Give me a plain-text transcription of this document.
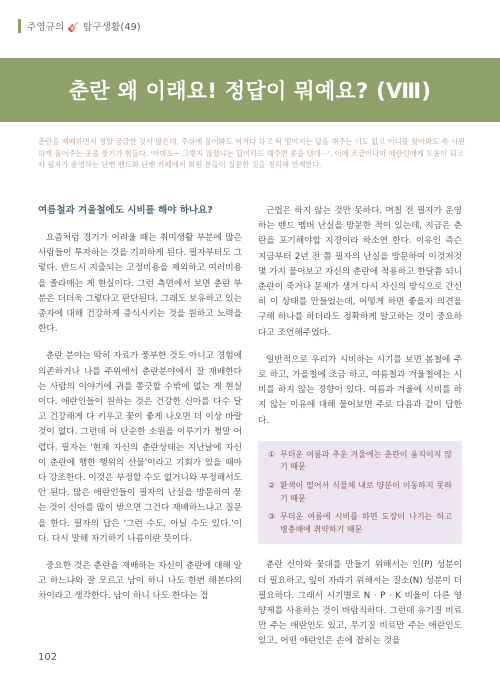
주영규의 🎸 탐구생활(49)
춘란 왜 이래요! 정답이 뭐예요? (Ⅷ)
춘란을 재배하면서 정말 궁금한 것이 많은데, 주위에 물어봐도 여겨다 하고 딱 떨어지는 답을 해주는 이도 없고 어디를 찾아봐도 속 시원하게 풀어주는 곳을 찾기가 힘들다. '아마도~ 그렇지 않겠냐는 답이라도 해주면 좋을 텐데⋯'. 이에 조금이나마 애란인에게 도움이 되고자 필자가 운영하는 난밴 밴드와 난밴 카페에서 회원 분들이 질문한 것을 정리해 연재한다.
여름철과 겨울철에도 시비를 해야 하나요?

요즘처럼 경기가 어려울 때는 취미생활 부분에 많은 사람들이 투자하는 것을 기피하게 된다. 필자부터도 그렇다. 반드시 지출되는 고정비용을 제외하고 여러비용을 졸라매는 게 현실이다. 그런 측면에서 보면 춘란 부분은 더더욱 그렇다고 판단된다. 그래도 보유하고 있는 종자에 대해 건강하게 증식시키는 것을 원하고 노력을 한다.

춘란 분야는 딱히 자료가 풍부한 것도 아니고 경험에 의존하거나 나를 주위에서 춘란분야에서 잘 재배한다는 사람의 이야기에 귀를 쫑긋할 수밖에 없는 게 현실이다. 애란인들이 원하는 것은 건강한 신아를 다수 달고 건강해게 다 키우고 꽃이 좋게 나오면 더 이상 바랄 것이 없다. 그런데 이 단순한 소원을 이루기가 쩡말 어렵다. 필자는 '현재 자신의 춘란상태는 지난날에 자신이 춘란에 행한 행위의 산물'이라고 기회가 있을 때마다 강조한다. 이것은 부정할 수도 없거니와 부정해서도 안 된다. 많은 애란인들이 필자의 난실을 방문하여 묻는 것이 신아를 많이 받으면 그건다 재배하느냐고 질문을 한다. 필자의 답은 '그런 수도, 아닐 수도 있다.'이다. 다시 말해 자기하기 나름이란 뜻이다.

중요한 것은 춘란을 재배하는 자신이 춘란에 대해 알고 하느냐와 잘 모르고 남이 하니 나도 한번 해본다의 차이라고 생각한다. 남이 하니 나도 한다는 접

근법은 하지 않는 것만 못하다. 며칠 전 필자가 운영하는 밴드 멤버 난실을 방문한 적이 있는데, 지금은 춘란을 포기해야할 지경이라 하소연 한다. 이유인 즉슨 지금부터 2년 전 쯤 필자의 난실을 방문하여 이것저것 몇 가지 물어보고 자신의 춘란에 적용하고 한달쯤 되니 춘란이 죽거나 문제가 생겨 다시 자신의 방식으로 간신히 이 상태를 만들었는데, 어떻게 하면 좋을지 의견을 구해 하나를 하더라도 정확하게 알고하는 것이 중요하다고 조언해주었다.

일반적으로 우리가 시비하는 시기를 보면 봄철에 주로 하고, 가을철에 조금 하고, 여름철과 겨울철에는 시비를 하지 않는 경향이 있다. 여름과 겨울에 시비를 하지 않는 이유에 대해 물어보면 주로 다음과 같이 답한다.

① 무더운 여름과 추운 겨울에는 춘란이 움직이지 않기 때문
② 환색이 떨어서 식물체 내로 양분이 이동하지 못하기 때문
③ 무더운 여름에 시비를 하면 도장이 나기는 하고 병충해에 취약하기 때문

춘란 신아와 꽃대를 만들기 위해서는 인(P) 성분이 더 필요하고, 잎이 자라기 위해서는 질소(N) 성분이 더 필요하다. 그래서 시기별로 N · P · K 비율이 다른 영양제를 사용하는 것이 바람직하다. 그런데 유기질 비료만 주는 애란인도 있고, 무기질 비료만 주는 애란인도 있고, 어떤 애란인은 손에 잡히는 것을

102
